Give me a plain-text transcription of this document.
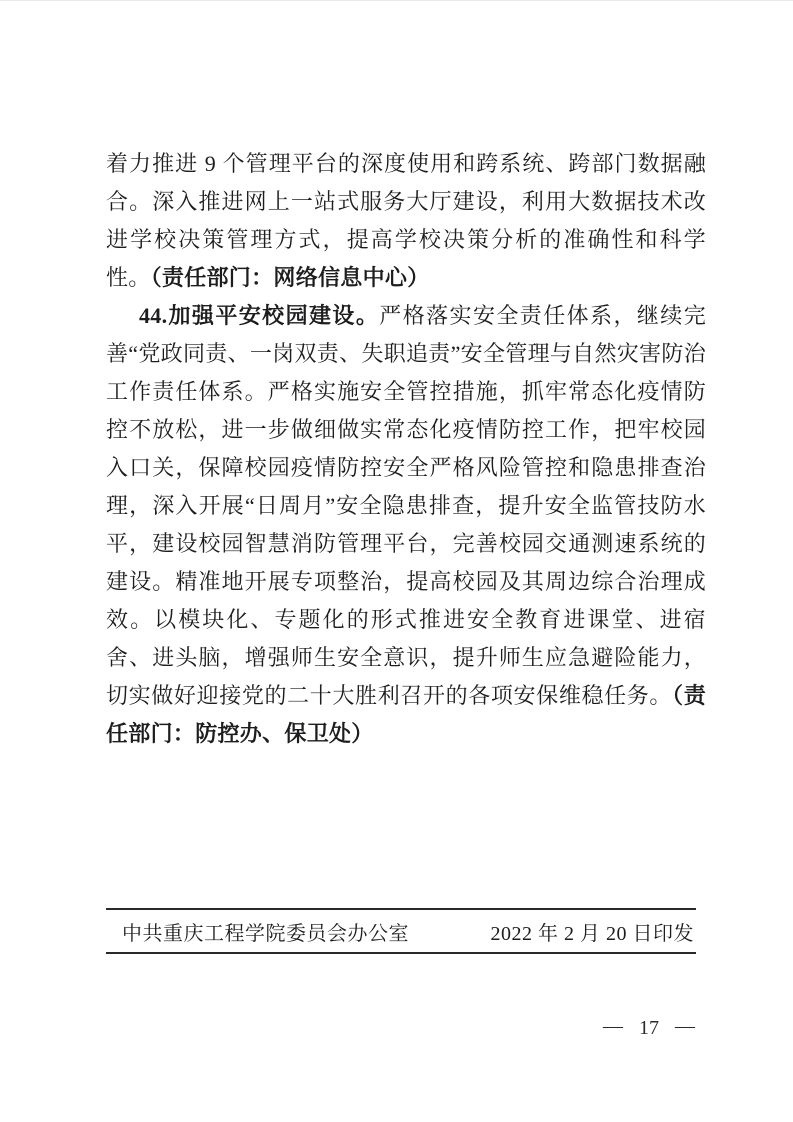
着力推进 9 个管理平台的深度使用和跨系统、跨部门数据融合。深入推进网上一站式服务大厅建设，利用大数据技术改进学校决策管理方式，提高学校决策分析的准确性和科学性。（责任部门：网络信息中心）

44.加强平安校园建设。严格落实安全责任体系，继续完善“党政同责、一岗双责、失职追责”安全管理与自然灾害防治工作责任体系。严格实施安全管控措施，抓牢常态化疫情防控不放松，进一步做细做实常态化疫情防控工作，把牢校园入口关，保障校园疫情防控安全严格风险管控和隐患排查治理，深入开展“日周月”安全隐患排查，提升安全监管技防水平，建设校园智慧消防管理平台，完善校园交通测速系统的建设。精准地开展专项整治，提高校园及其周边综合治理成效。以模块化、专题化的形式推进安全教育进课堂、进宿舍、进头脑，增强师生安全意识，提升师生应急避险能力，切实做好迎接党的二十大胜利召开的各项安保维稳任务。（责任部门：防控办、保卫处）

中共重庆工程学院委员会办公室	2022 年 2 月 20 日印发
— 17 —
